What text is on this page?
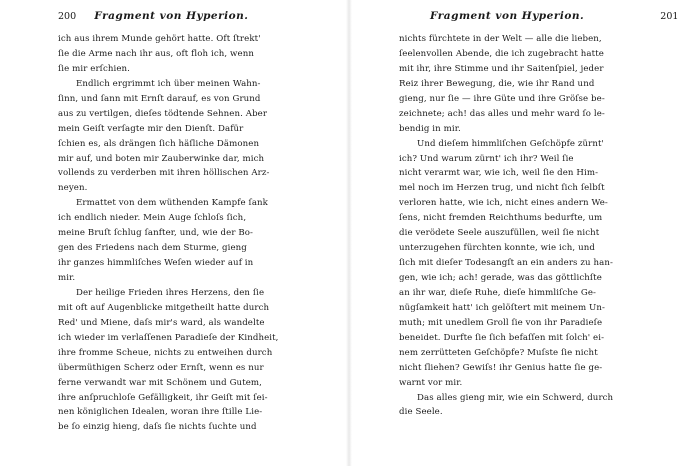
200 Fragment von Hyperion.
ich aus ihrem Munde gehört hatte. Oft ſtrekt'
ſie die Arme nach ihr aus, oft floh ich, wenn
ſie mir erſchien.
Endlich ergrimmt ich über meinen Wahn-
ſinn, und ſann mit Ernſt darauf, es von Grund
aus zu vertilgen, dieſes tödtende Sehnen. Aber
mein Geiſt verſagte mir den Dienſt. Dafür
ſchien es, als drängen ſich häſliche Dämonen
mir auf, und boten mir Zauberwinke dar, mich
vollends zu verderben mit ihren höllischen Arz-
neyen.
Ermattet von dem wüthenden Kampfe ſank
ich endlich nieder. Mein Auge ſchloſs ſich,
meine Bruſt ſchlug ſanfter, und, wie der Bo-
gen des Friedens nach dem Sturme, gieng
ihr ganzes himmliſches Weſen wieder auf in
mir.
Der heilige Frieden ihres Herzens, den ſie
mit oft auf Augenblicke mitgetheilt hatte durch
Red' und Miene, daſs mir's ward, als wandelte
ich wieder im verlaſſenen Paradieſe der Kindheit,
ihre fromme Scheue, nichts zu entweihen durch
übermüthigen Scherz oder Ernſt, wenn es nur
ferne verwandt war mit Schönem und Gutem,
ihre anſpruchloſe Gefälligkeit, ihr Geiſt mit ſei-
nen königlichen Idealen, woran ihre ſtille Lie-
be ſo einzig hieng, daſs ſie nichts ſuchte und
Fragment von Hyperion.	201
nichts fürchtete in der Welt — alle die lieben,
ſeelenvollen Abende, die ich zugebracht hatte
mit ihr, ihre Stimme und ihr Saitenſpiel, jeder
Reiz ihrer Bewegung, die, wie ihr Rand und
gieng, nur ſie — ihre Güte und ihre Gröſse be-
zeichnete; ach! das alles und mehr ward ſo le-
bendig in mir.
Und dieſem himmliſchen Geſchöpfe zürnt'
ich? Und warum zürnt' ich ihr? Weil ſie
nicht verarmt war, wie ich, weil ſie den Him-
mel noch im Herzen trug, und nicht ſich ſelbſt
verloren hatte, wie ich, nicht eines andern We-
ſens, nicht fremden Reichthums bedurfte, um
die verödete Seele auszufüllen, weil ſie nicht
unterzugehen fürchten konnte, wie ich, und
ſich mit dieſer Todesangſt an ein anders zu han-
gen, wie ich; ach! gerade, was das göttlichſte
an ihr war, dieſe Ruhe, dieſe himmliſche Ge-
nügſamkeit hatt' ich gelöſtert mit meinem Un-
muth; mit unedlem Groll ſie von ihr Paradieſe
beneidet. Durfte ſie ſich befaſſen mit ſolch' ei-
nem zerrütteten Geſchöpfe? Muſste ſie nicht
nicht ſliehen? Gewiſs! ihr Genius hatte ſie ge-
warnt vor mir.
Das alles gieng mir, wie ein Schwerd, durch
die Seele.
